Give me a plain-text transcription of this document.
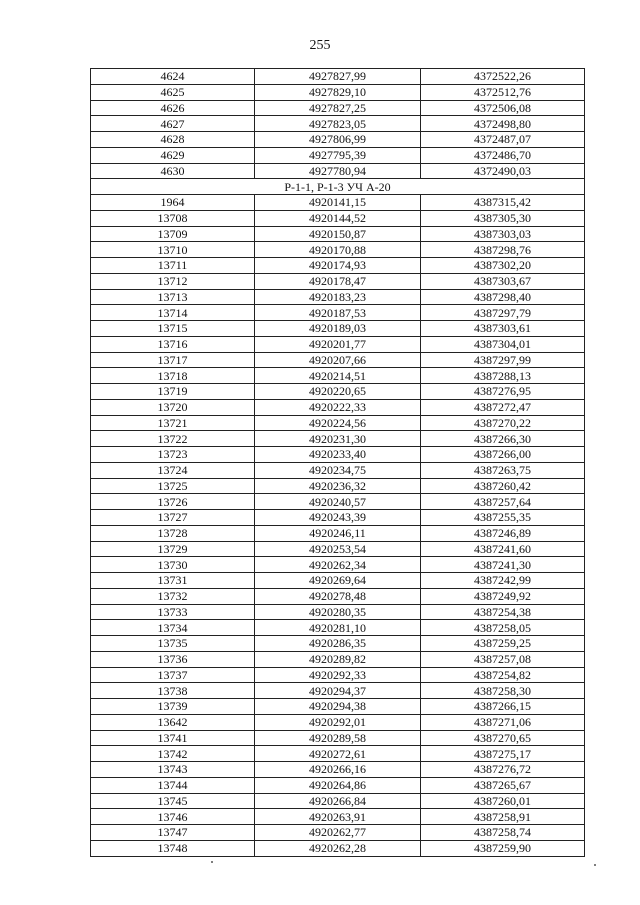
255
4624	4927827,99	4372522,26
4625	4927829,10	4372512,76
4626	4927827,25	4372506,08
4627	4927823,05	4372498,80
4628	4927806,99	4372487,07
4629	4927795,39	4372486,70
4630	4927780,94	4372490,03
Р-1-1, Р-1-3 УЧ А-20		
1964	4920141,15	4387315,42
13708	4920144,52	4387305,30
13709	4920150,87	4387303,03
13710	4920170,88	4387298,76
13711	4920174,93	4387302,20
13712	4920178,47	4387303,67
13713	4920183,23	4387298,40
13714	4920187,53	4387297,79
13715	4920189,03	4387303,61
13716	4920201,77	4387304,01
13717	4920207,66	4387297,99
13718	4920214,51	4387288,13
13719	4920220,65	4387276,95
13720	4920222,33	4387272,47
13721	4920224,56	4387270,22
13722	4920231,30	4387266,30
13723	4920233,40	4387266,00
13724	4920234,75	4387263,75
13725	4920236,32	4387260,42
13726	4920240,57	4387257,64
13727	4920243,39	4387255,35
13728	4920246,11	4387246,89
13729	4920253,54	4387241,60
13730	4920262,34	4387241,30
13731	4920269,64	4387242,99
13732	4920278,48	4387249,92
13733	4920280,35	4387254,38
13734	4920281,10	4387258,05
13735	4920286,35	4387259,25
13736	4920289,82	4387257,08
13737	4920292,33	4387254,82
13738	4920294,37	4387258,30
13739	4920294,38	4387266,15
13642	4920292,01	4387271,06
13741	4920289,58	4387270,65
13742	4920272,61	4387275,17
13743	4920266,16	4387276,72
13744	4920264,86	4387265,67
13745	4920266,84	4387260,01
13746	4920263,91	4387258,91
13747	4920262,77	4387258,74
13748	4920262,28	4387259,90
